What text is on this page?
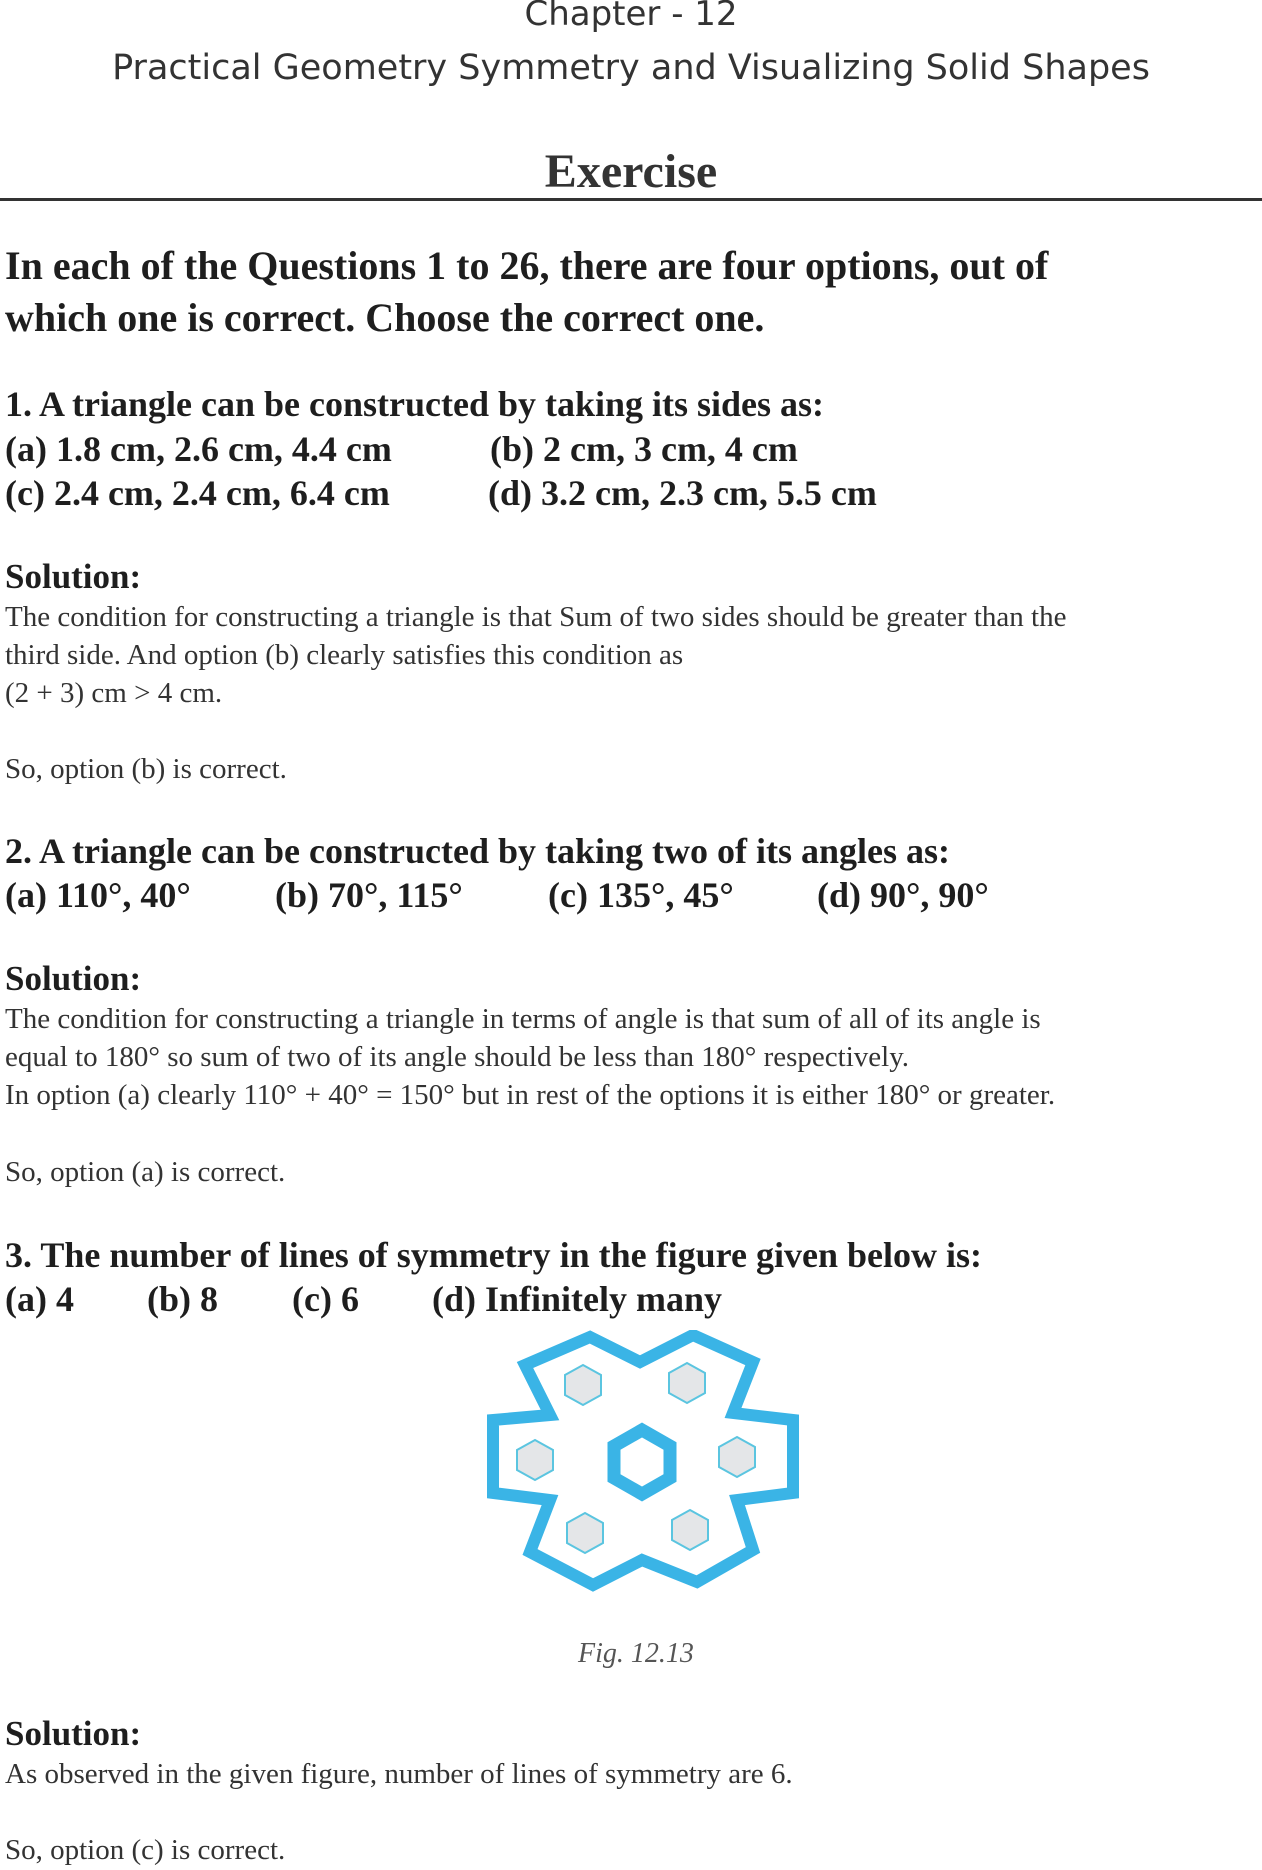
Chapter - 12
Practical Geometry Symmetry and Visualizing Solid Shapes
Exercise
In each of the Questions 1 to 26, there are four options, out of
which one is correct. Choose the correct one.
1. A triangle can be constructed by taking its sides as:
(a) 1.8 cm, 2.6 cm, 4.4 cm	(b) 2 cm, 3 cm, 4 cm
(c) 2.4 cm, 2.4 cm, 6.4 cm	(d) 3.2 cm, 2.3 cm, 5.5 cm
Solution:
The condition for constructing a triangle is that Sum of two sides should be greater than the
third side. And option (b) clearly satisfies this condition as
(2 + 3) cm > 4 cm.
So, option (b) is correct.
2. A triangle can be constructed by taking two of its angles as:
(a) 110°, 40° (b) 70°, 115° (c) 135°, 45° (d) 90°, 90°
Solution:
The condition for constructing a triangle in terms of angle is that sum of all of its angle is
equal to 180° so sum of two of its angle should be less than 180° respectively.
In option (a) clearly 110° + 40° = 150° but in rest of the options it is either 180° or greater.
So, option (a) is correct.
3. The number of lines of symmetry in the figure given below is:
(a) 4 (b) 8 (c) 6 (d) Infinitely many
Fig. 12.13
Solution:
As observed in the given figure, number of lines of symmetry are 6.
So, option (c) is correct.
